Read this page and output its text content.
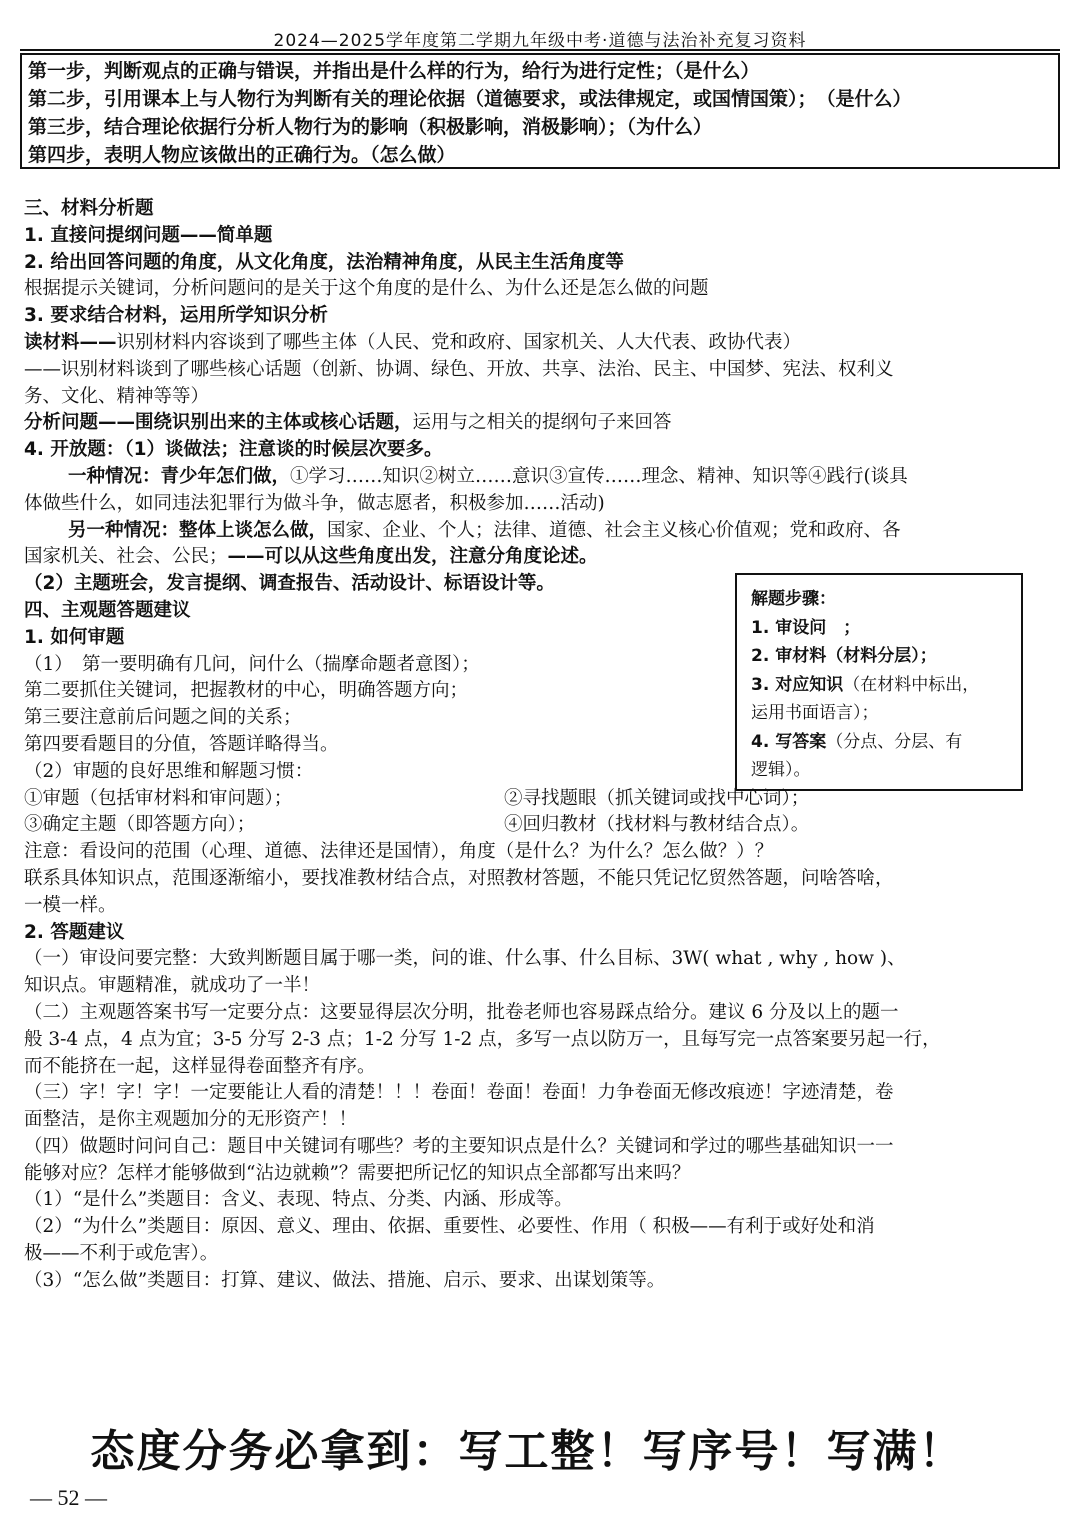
2024—2025学年度第二学期九年级中考·道德与法治补充复习资料
第一步，判断观点的正确与错误，并指出是什么样的行为，给行为进行定性；（是什么）
第二步，引用课本上与人物行为判断有关的理论依据（道德要求，或法律规定，或国情国策）；　（是什么）
第三步，结合理论依据行分析人物行为的影响（积极影响，消极影响）；（为什么）
第四步，表明人物应该做出的正确行为。（怎么做）
三、材料分析题
1. 直接问提纲问题——简单题
2. 给出回答问题的角度，从文化角度，法治精神角度，从民主生活角度等
根据提示关键词，分析问题问的是关于这个角度的是什么、为什么还是怎么做的问题
3. 要求结合材料，运用所学知识分析
读材料——识别材料内容谈到了哪些主体（人民、党和政府、国家机关、人大代表、政协代表）
——识别材料谈到了哪些核心话题（创新、协调、绿色、开放、共享、法治、民主、中国梦、宪法、权利义
务、文化、精神等等）
分析问题——围绕识别出来的主体或核心话题，运用与之相关的提纲句子来回答
4. 开放题：（1）谈做法；注意谈的时候层次要多。
一种情况：青少年怎们做，①学习……知识②树立……意识③宣传……理念、精神、知识等④践行(谈具
体做些什么，如同违法犯罪行为做斗争，做志愿者，积极参加……活动)
另一种情况：整体上谈怎么做，国家、企业、个人；法律、道德、社会主义核心价值观；党和政府、各
国家机关、社会、公民；——可以从这些角度出发，注意分角度论述。
（2）主题班会，发言提纲、调查报告、活动设计、标语设计等。
四、主观题答题建议
1. 如何审题
（1）　第一要明确有几问，问什么（揣摩命题者意图）；
第二要抓住关键词，把握教材的中心，明确答题方向；
第三要注意前后问题之间的关系；
第四要看题目的分值，答题详略得当。
（2）审题的良好思维和解题习惯：
①审题（包括审材料和审问题）；	②寻找题眼（抓关键词或找中心词）；
③确定主题（即答题方向）；	④回归教材（找材料与教材结合点）。
注意：看设问的范围（心理、道德、法律还是国情），角度（是什么？为什么？怎么做？）？
联系具体知识点，范围逐渐缩小，要找准教材结合点，对照教材答题，不能只凭记忆贸然答题，问啥答啥，
一模一样。
2. 答题建议
（一）审设问要完整：大致判断题目属于哪一类，问的谁、什么事、什么目标、3W( what , why , how )、
知识点。审题精准，就成功了一半！
（二）主观题答案书写一定要分点：这要显得层次分明，批卷老师也容易踩点给分。建议 6 分及以上的题一
般 3-4 点，4 点为宜；3-5 分写 2-3 点；1-2 分写 1-2 点，多写一点以防万一，且每写完一点答案要另起一行，
而不能挤在一起，这样显得卷面整齐有序。
（三）字！字！字！一定要能让人看的清楚！！！卷面！卷面！卷面！力争卷面无修改痕迹！字迹清楚，卷
面整洁，是你主观题加分的无形资产！！
（四）做题时问问自己：题目中关键词有哪些？考的主要知识点是什么？关键词和学过的哪些基础知识一一
能够对应？怎样才能够做到“沾边就赖”？需要把所记忆的知识点全部都写出来吗？
（1）“是什么”类题目：含义、表现、特点、分类、内涵、形成等。
（2）“为什么”类题目：原因、意义、理由、依据、重要性、必要性、作用（ 积极——有利于或好处和消
极——不利于或危害）。
（3）“怎么做”类题目：打算、建议、做法、措施、启示、要求、出谋划策等。
解题步骤：
1. 审设问　；
2. 审材料（材料分层）；
3. 对应知识（在材料中标出，
运用书面语言）；
4. 写答案（分点、分层、有
逻辑）。
态度分务必拿到：写工整！写序号！写满！
— 52 —
